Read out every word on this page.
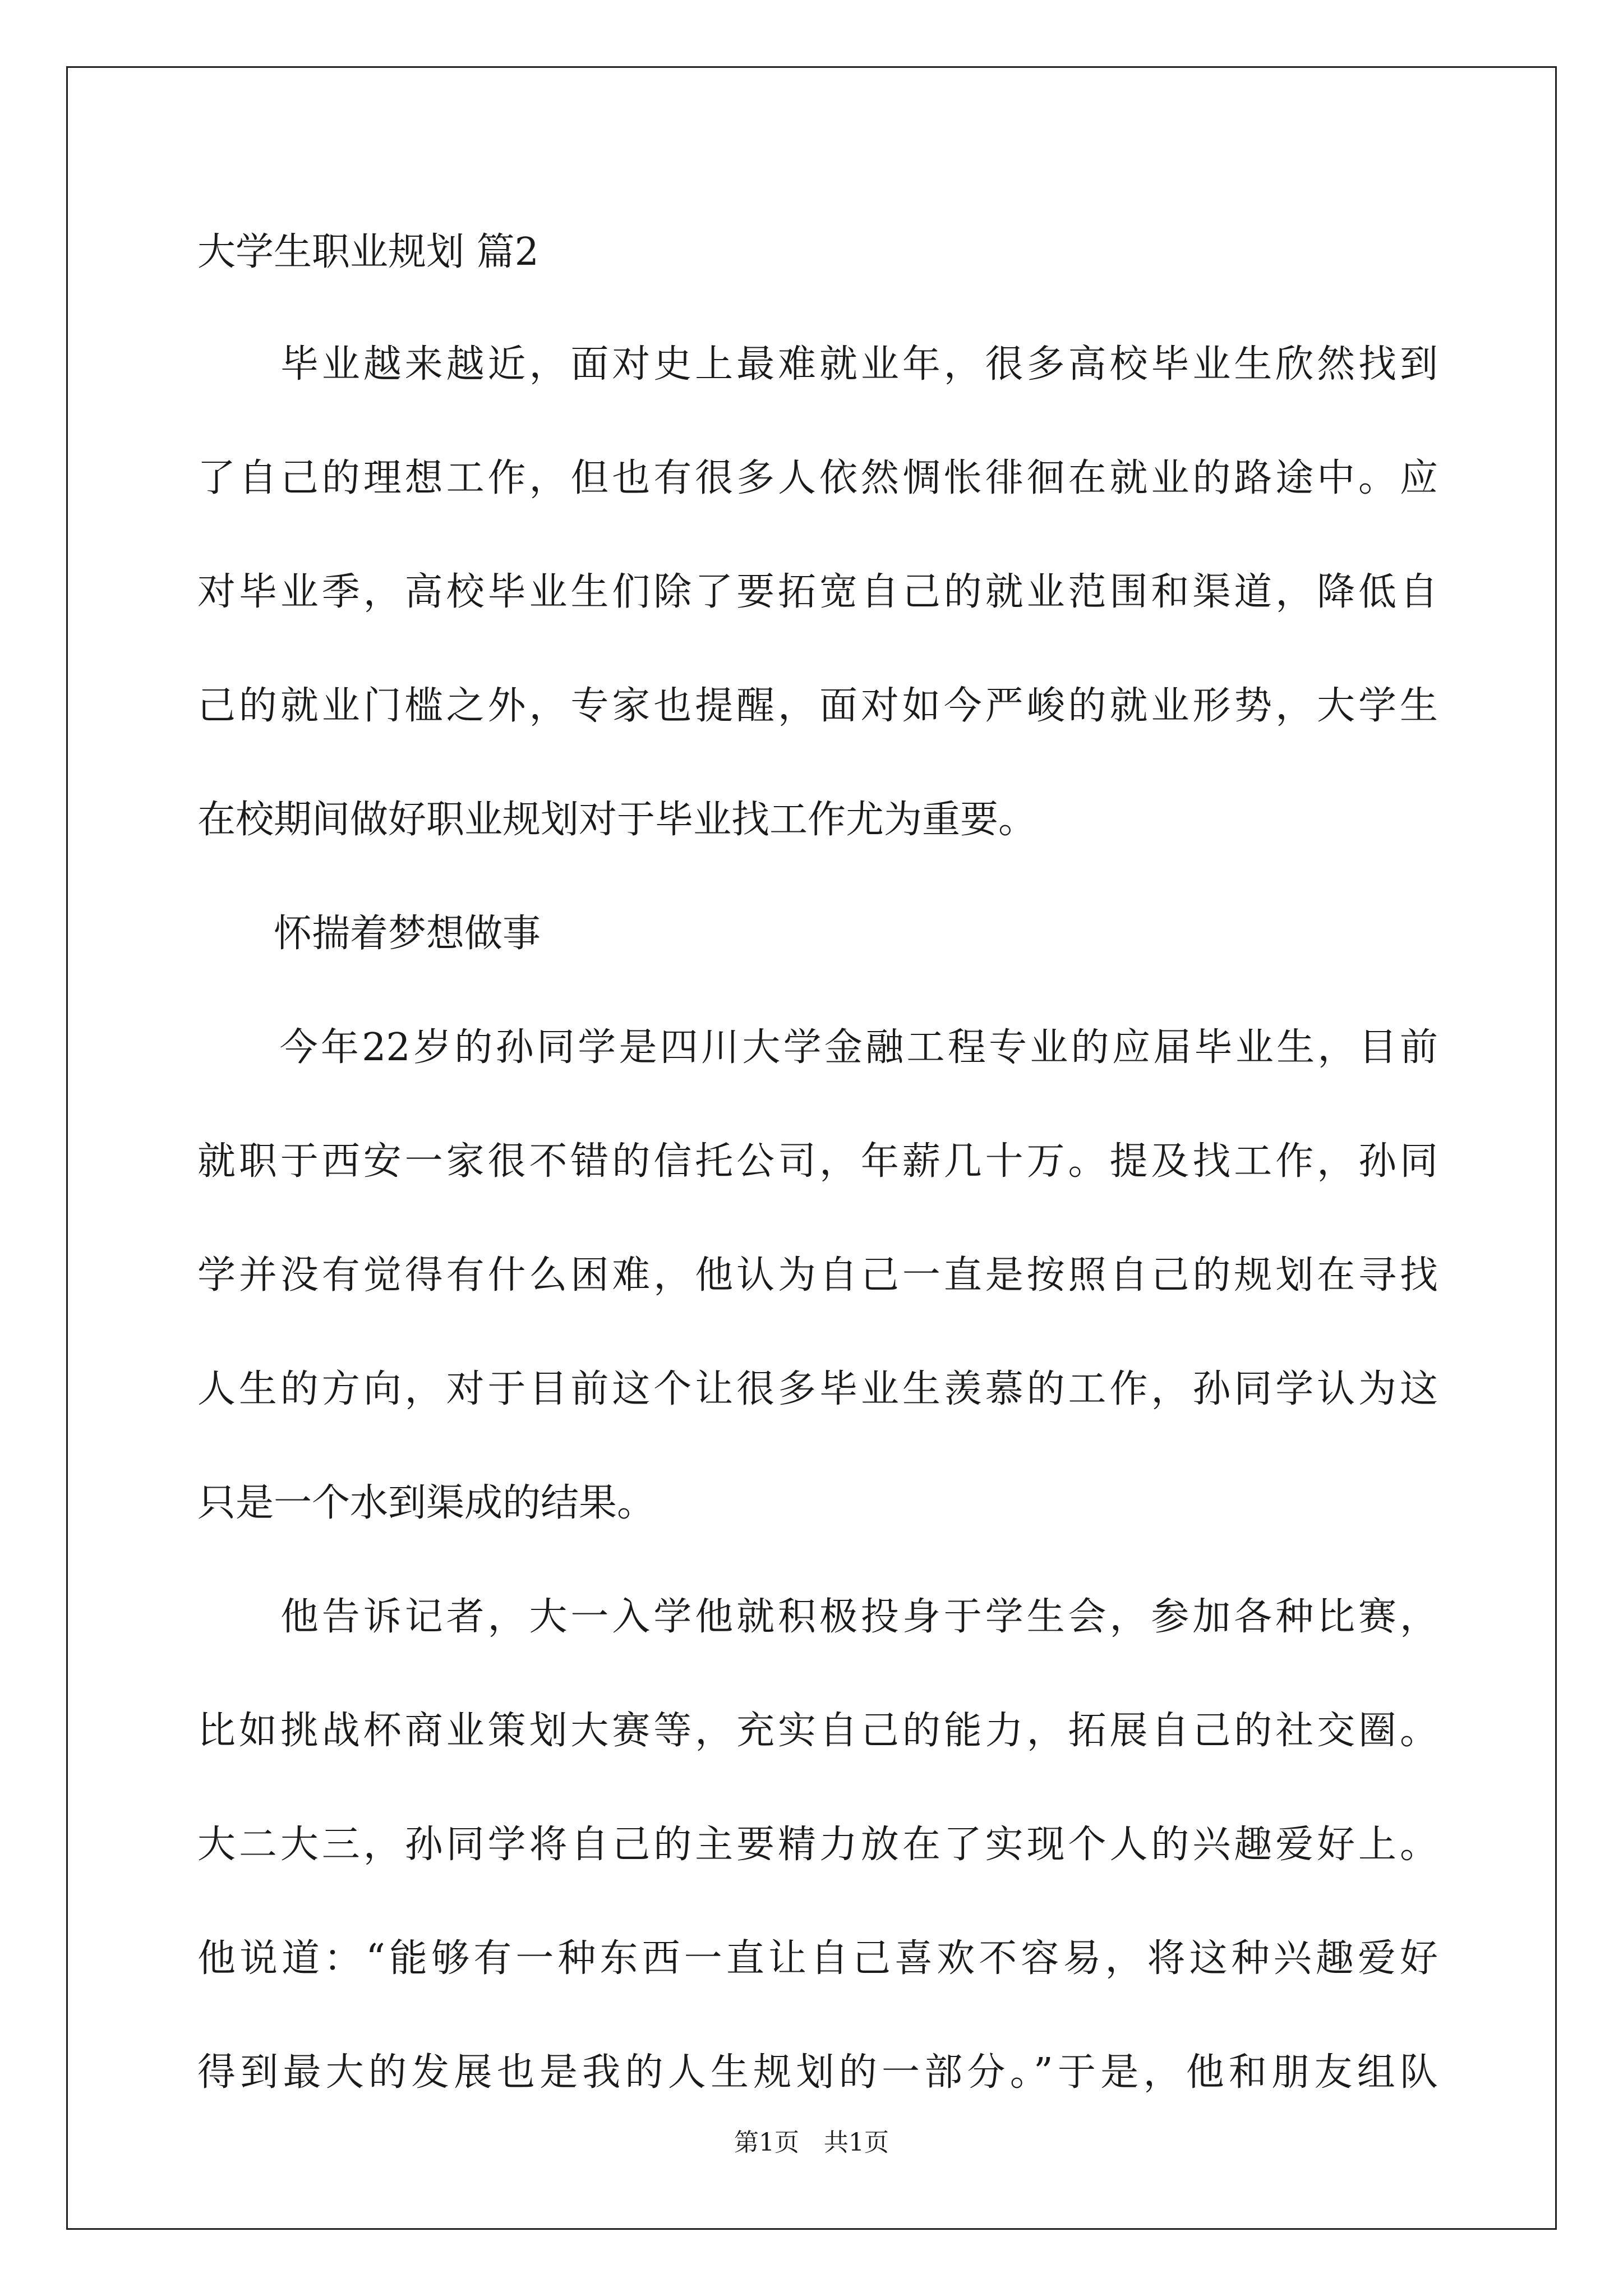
大学生职业规划 篇2

　　毕业越来越近，面对史上最难就业年，很多高校毕业生欣然找到

了自己的理想工作，但也有很多人依然惆怅徘徊在就业的路途中。应

对毕业季，高校毕业生们除了要拓宽自己的就业范围和渠道，降低自

己的就业门槛之外，专家也提醒，面对如今严峻的就业形势，大学生

在校期间做好职业规划对于毕业找工作尤为重要。

　　怀揣着梦想做事

　　今年22岁的孙同学是四川大学金融工程专业的应届毕业生，目前

就职于西安一家很不错的信托公司，年薪几十万。提及找工作，孙同

学并没有觉得有什么困难，他认为自己一直是按照自己的规划在寻找

人生的方向，对于目前这个让很多毕业生羡慕的工作，孙同学认为这

只是一个水到渠成的结果。

　　他告诉记者，大一入学他就积极投身于学生会，参加各种比赛，

比如挑战杯商业策划大赛等，充实自己的能力，拓展自己的社交圈。

大二大三，孙同学将自己的主要精力放在了实现个人的兴趣爱好上。

他说道：“能够有一种东西一直让自己喜欢不容易，将这种兴趣爱好

得到最大的发展也是我的人生规划的一部分。”于是，他和朋友组队

第1页　共1页
